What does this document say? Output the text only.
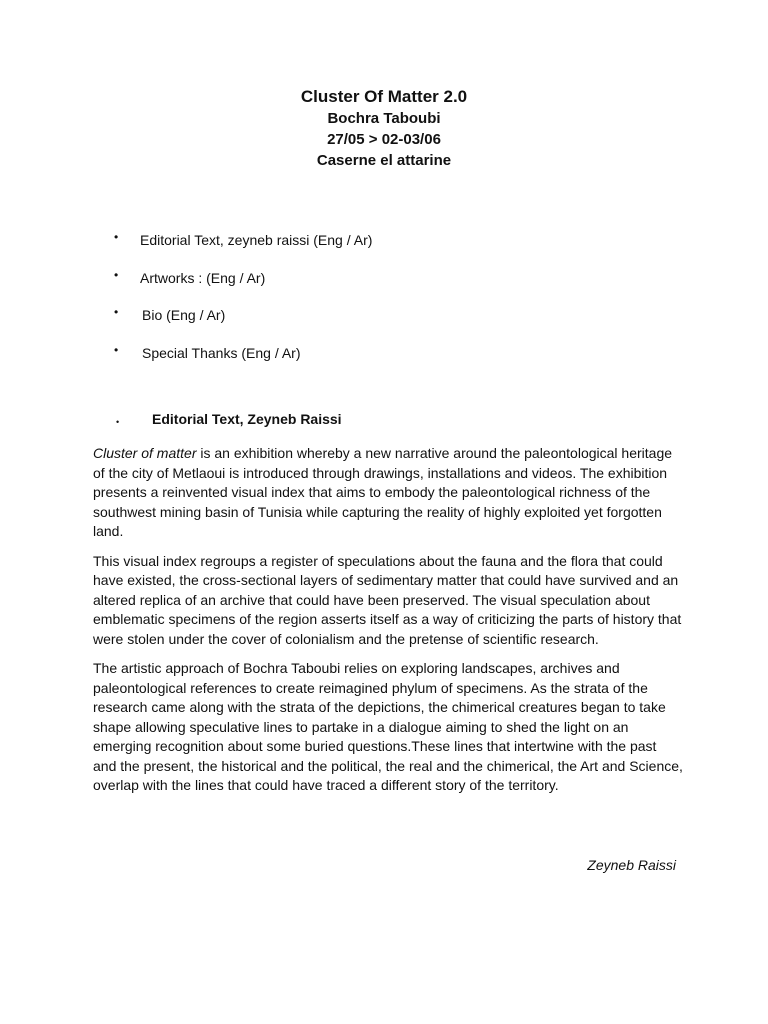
Cluster Of Matter 2.0
Bochra Taboubi
27/05 > 02-03/06
Caserne el attarine
• Editorial Text, zeyneb raissi (Eng / Ar)
• Artworks : (Eng / Ar)
• Bio (Eng / Ar)
• Special Thanks (Eng / Ar)
• Editorial Text, Zeyneb Raissi

Cluster of matter is an exhibition whereby a new narrative around the paleontological heritage of the city of Metlaoui is introduced through drawings, installations and videos. The exhibition presents a reinvented visual index that aims to embody the paleontological richness of the southwest mining basin of Tunisia while capturing the reality of highly exploited yet forgotten land.

This visual index regroups a register of speculations about the fauna and the flora that could have existed, the cross-sectional layers of sedimentary matter that could have survived and an altered replica of an archive that could have been preserved. The visual speculation about emblematic specimens of the region asserts itself as a way of criticizing the parts of history that were stolen under the cover of colonialism and the pretense of scientific research.

The artistic approach of Bochra Taboubi relies on exploring landscapes, archives and paleontological references to create reimagined phylum of specimens. As the strata of the research came along with the strata of the depictions, the chimerical creatures began to take shape allowing speculative lines to partake in a dialogue aiming to shed the light on an emerging recognition about some buried questions.These lines that intertwine with the past and the present, the historical and the political, the real and the chimerical, the Art and Science, overlap with the lines that could have traced a different story of the territory.

Zeyneb Raissi
